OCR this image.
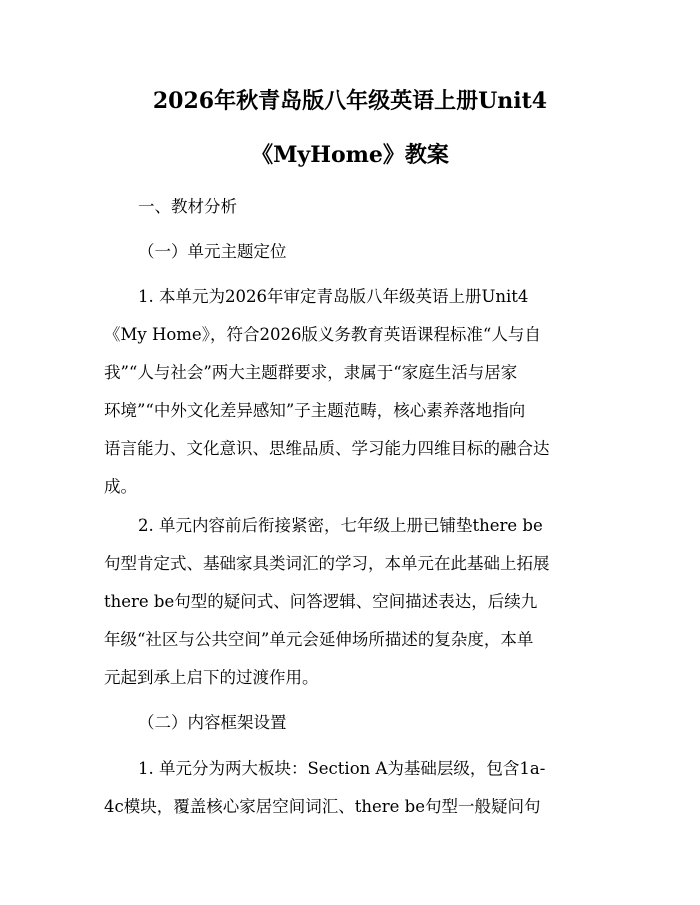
2026年秋青岛版八年级英语上册Unit4
《MyHome》教案
一、教材分析
（一）单元主题定位
1. 本单元为2026年审定青岛版八年级英语上册Unit4
《My Home》，符合2026版义务教育英语课程标准“人与自
我”“人与社会”两大主题群要求，隶属于“家庭生活与居家
环境”“中外文化差异感知”子主题范畴，核心素养落地指向
语言能力、文化意识、思维品质、学习能力四维目标的融合达
成。
2. 单元内容前后衔接紧密，七年级上册已铺垫there be
句型肯定式、基础家具类词汇的学习，本单元在此基础上拓展
there be句型的疑问式、问答逻辑、空间描述表达，后续九
年级“社区与公共空间”单元会延伸场所描述的复杂度，本单
元起到承上启下的过渡作用。
（二）内容框架设置
1. 单元分为两大板块：Section A为基础层级，包含1a-
4c模块，覆盖核心家居空间词汇、there be句型一般疑问句
